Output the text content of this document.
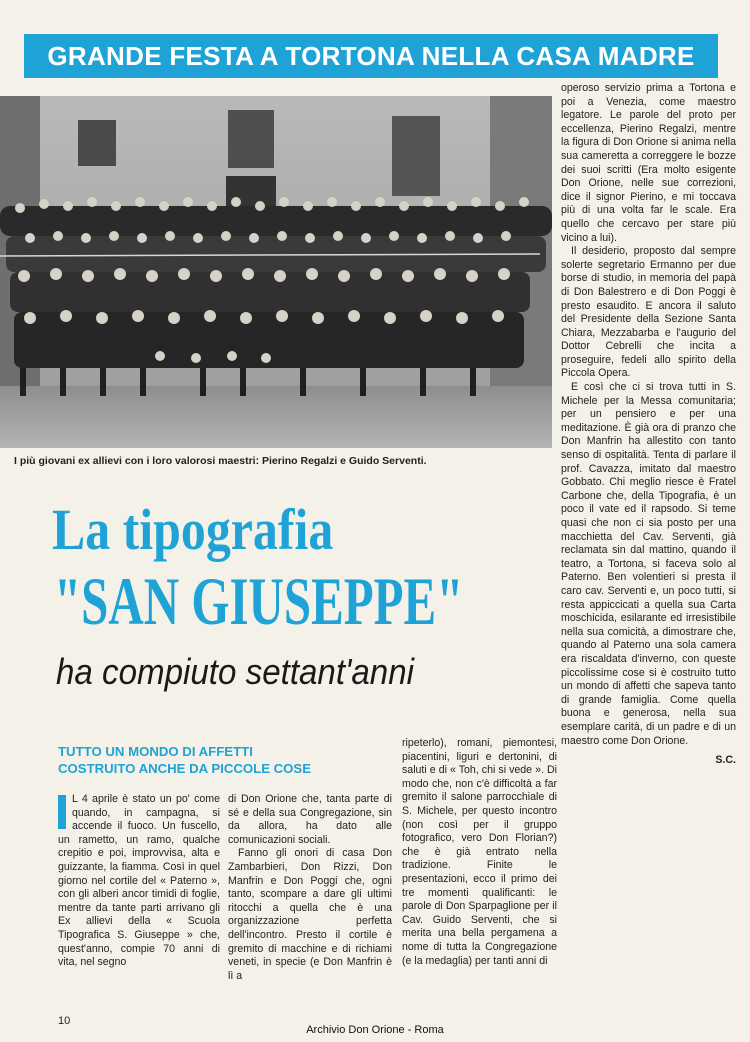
GRANDE FESTA A TORTONA NELLA CASA MADRE
I più giovani ex allievi con i loro valorosi maestri: Pierino Regalzi e Guido Serventi.

operoso servizio prima a Tortona e poi a Venezia, come maestro legatore. Le parole del proto per eccellenza, Pierino Regalzi, mentre la figura di Don Orione si anima nella sua cameretta a correggere le bozze dei suoi scritti (Era molto esigente Don Orione, nelle sue correzioni, dice il signor Pierino, e mi toccava più di una volta far le scale. Era quello che cercavo per stare più vicino a lui).

Il desiderio, proposto dal sempre solerte segretario Ermanno per due borse di studio, in memoria del papà di Don Balestrero e di Don Poggi è presto esaudito. E ancora il saluto del Presidente della Sezione Santa Chiara, Mezzabarba e l'augurio del Dottor Cebrelli che incita a proseguire, fedeli allo spirito della Piccola Opera.

E così che ci si trova tutti in S. Michele per la Messa comunitaria; per un pensiero e per una meditazione. È già ora di pranzo che Don Manfrin ha allestito con tanto senso di ospitalità. Tenta di parlare il prof. Cavazza, imitato dal maestro Gobbato. Chi meglio riesce è Fratel Carbone che, della Tipografia, è un poco il vate ed il rapsodo. Si teme quasi che non ci sia posto per una macchietta del Cav. Serventi, già reclamata sin dal mattino, quando il teatro, a Tortona, si faceva solo al Paterno. Ben volentieri si presta il caro cav. Serventi e, un poco tutti, si resta appiccicati a quella sua Carta moschicida, esilarante ed irresistibile nella sua comicità, a dimostrare che, quando al Paterno una sola camera era riscaldata d'inverno, con queste piccolissime cose si è costruito tutto un mondo di affetti che sapeva tanto di grande famiglia. Come quella buona e generosa, nella sua esemplare carità, di un padre e di un maestro come Don Orione.

S.C.

La tipografia
"SAN GIUSEPPE"
ha compiuto settant'anni
TUTTO UN MONDO DI AFFETTI
COSTRUITO ANCHE DA PICCOLE COSE

L 4 aprile è stato un po' come quando, in campagna, si accende il fuoco. Un fuscello, un rametto, un ramo, qualche crepitio e poi, improvvisa, alta e guizzante, la fiamma. Così in quel giorno nel cortile del « Paterno », con gli alberi ancor timidi di foglie, mentre da tante parti arrivano gli Ex allievi della « Scuola Tipografica S. Giuseppe » che, quest'anno, compie 70 anni di vita, nel segno

di Don Orione che, tanta parte di sé e della sua Congregazione, sin da allora, ha dato alle comunicazioni sociali.

Fanno gli onori di casa Don Zambarbieri, Don Rizzi, Don Manfrin e Don Poggi che, ogni tanto, scompare a dare gli ultimi ritocchi a quella che è una organizzazione perfetta dell'incontro. Presto il cortile è gremito di macchine e di richiami veneti, in specie (e Don Manfrin è lì a

ripeterlo), romani, piemontesi, piacentini, liguri e dertonini, di saluti e di « Toh, chi si vede ». Di modo che, non c'è difficoltà a far gremito il salone parrocchiale di S. Michele, per questo incontro (non così per il gruppo fotografico, vero Don Florian?) che è già entrato nella tradizione. Finite le presentazioni, ecco il primo dei tre momenti qualificanti: le parole di Don Sparpaglione per il Cav. Guido Serventi, che si merita una bella pergamena a nome di tutta la Congregazione (e la medaglia) per tanti anni di

10
Archivio Don Orione - Roma
